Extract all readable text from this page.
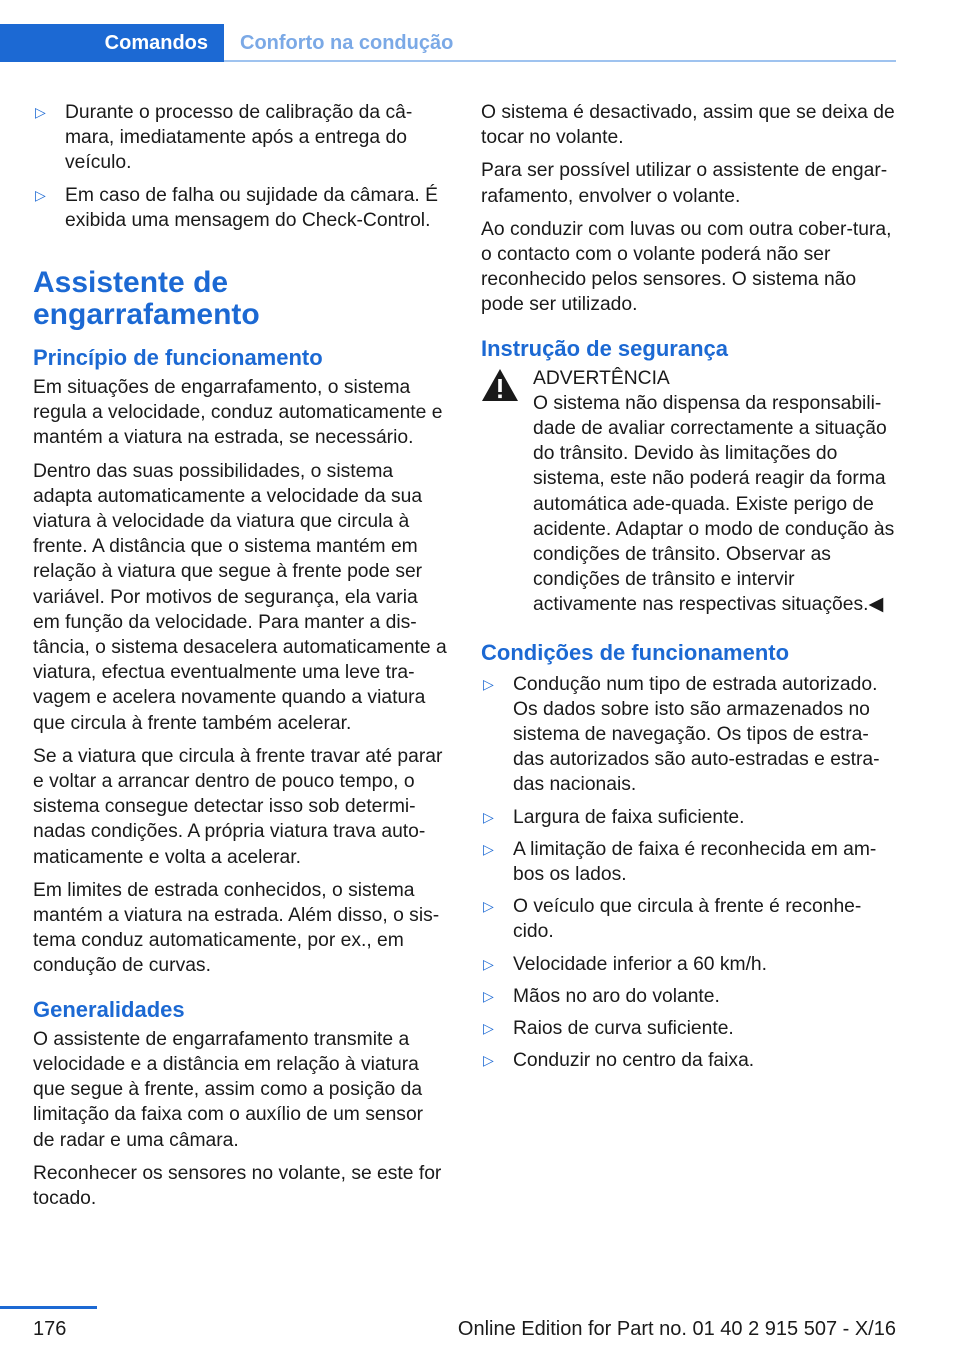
Comandos	Conforto na condução
▷ Durante o processo de calibração da câ-mara, imediatamente após a entrega do veículo.
▷ Em caso de falha ou sujidade da câmara. É exibida uma mensagem do Check-Control.
Assistente de engarrafamento
Princípio de funcionamento

Em situações de engarrafamento, o sistema regula a velocidade, conduz automaticamente e mantém a viatura na estrada, se necessário.

Dentro das suas possibilidades, o sistema adapta automaticamente a velocidade da sua viatura à velocidade da viatura que circula à frente. A distância que o sistema mantém em relação à viatura que segue à frente pode ser variável. Por motivos de segurança, ela varia em função da velocidade. Para manter a dis-tância, o sistema desacelera automaticamente a viatura, efectua eventualmente uma leve tra-vagem e acelera novamente quando a viatura que circula à frente também acelerar.

Se a viatura que circula à frente travar até parar e voltar a arrancar dentro de pouco tempo, o sistema consegue detectar isso sob determi-nadas condições. A própria viatura trava auto-maticamente e volta a acelerar.

Em limites de estrada conhecidos, o sistema mantém a viatura na estrada. Além disso, o sis-tema conduz automaticamente, por ex., em condução de curvas.

Generalidades

O assistente de engarrafamento transmite a velocidade e a distância em relação à viatura que segue à frente, assim como a posição da limitação da faixa com o auxílio de um sensor de radar e uma câmara.

Reconhecer os sensores no volante, se este for tocado.

O sistema é desactivado, assim que se deixa de tocar no volante.

Para ser possível utilizar o assistente de engar-rafamento, envolver o volante.

Ao conduzir com luvas ou com outra cober-tura, o contacto com o volante poderá não ser reconhecido pelos sensores. O sistema não pode ser utilizado.

Instrução de segurança
ADVERTÊNCIA

O sistema não dispensa da responsabili-dade de avaliar correctamente a situação do trânsito. Devido às limitações do sistema, este não poderá reagir da forma automática ade-quada. Existe perigo de acidente. Adaptar o modo de condução às condições de trânsito. Observar as condições de trânsito e intervir activamente nas respectivas situações.◀

Condições de funcionamento
▷ Condução num tipo de estrada autorizado. Os dados sobre isto são armazenados no sistema de navegação. Os tipos de estra-das autorizados são auto-estradas e estra-das nacionais.
▷ Largura de faixa suficiente.
▷ A limitação de faixa é reconhecida em am-bos os lados.
▷ O veículo que circula à frente é reconhe-cido.
▷ Velocidade inferior a 60 km/h.
▷ Mãos no aro do volante.
▷ Raios de curva suficiente.
▷ Conduzir no centro da faixa.
176	Online Edition for Part no. 01 40 2 915 507 - X/16
